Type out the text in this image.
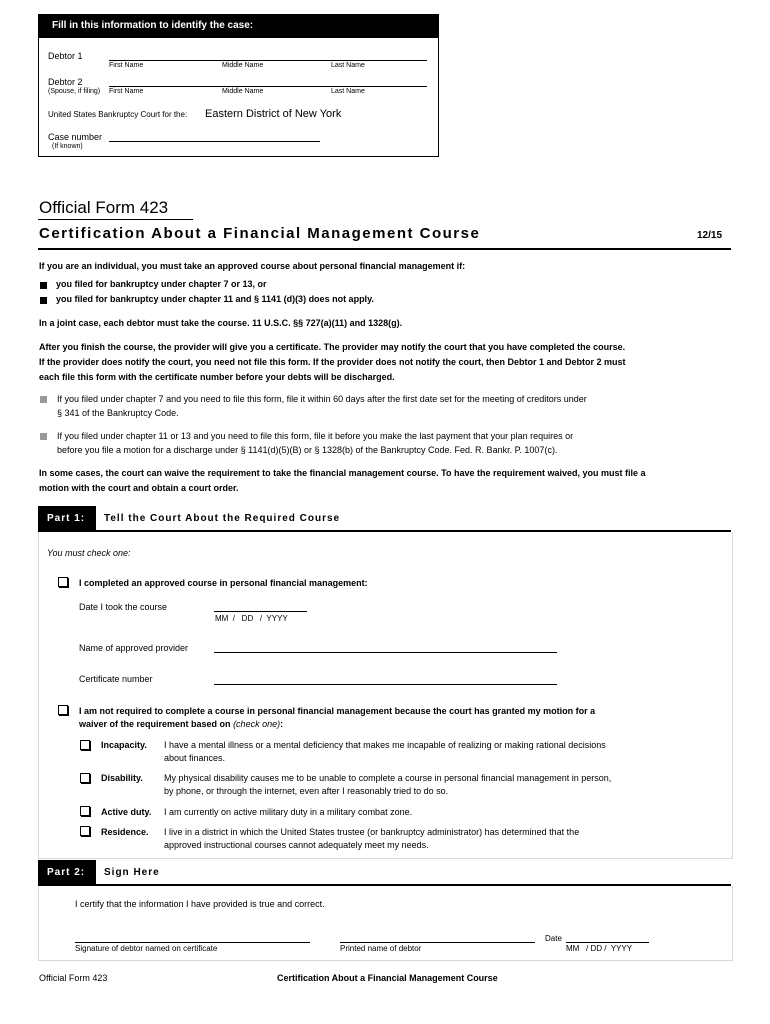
Fill in this information to identify the case:
Debtor 1
First Name	Middle Name	Last Name
Debtor 2
(Spouse, if filing) First Name	Middle Name	Last Name
United States Bankruptcy Court for the: Eastern District of New York
Case number
(If known)
Official Form 423
Certification About a Financial Management Course	12/15
If you are an individual, you must take an approved course about personal financial management if:
you filed for bankruptcy under chapter 7 or 13, or
you filed for bankruptcy under chapter 11 and § 1141 (d)(3) does not apply.
In a joint case, each debtor must take the course. 11 U.S.C. §§ 727(a)(11) and 1328(g).
After you finish the course, the provider will give you a certificate. The provider may notify the court that you have completed the course.
If the provider does notify the court, you need not file this form. If the provider does not notify the court, then Debtor 1 and Debtor 2 must
each file this form with the certificate number before your debts will be discharged.
If you filed under chapter 7 and you need to file this form, file it within 60 days after the first date set for the meeting of creditors under
§ 341 of the Bankruptcy Code.
If you filed under chapter 11 or 13 and you need to file this form, file it before you make the last payment that your plan requires or
before you file a motion for a discharge under § 1141(d)(5)(B) or § 1328(b) of the Bankruptcy Code. Fed. R. Bankr. P. 1007(c).
In some cases, the court can waive the requirement to take the financial management course. To have the requirement waived, you must file a
motion with the court and obtain a court order.
Part 1: Tell the Court About the Required Course
You must check one:
I completed an approved course in personal financial management:
Date I took the course
MM  /   DD   /  YYYY
Name of approved provider
Certificate number
I am not required to complete a course in personal financial management because the court has granted my motion for a
waiver of the requirement based on (check one):
Incapacity. I have a mental illness or a mental deficiency that makes me incapable of realizing or making rational decisions
about finances.
Disability. My physical disability causes me to be unable to complete a course in personal financial management in person,
by phone, or through the internet, even after I reasonably tried to do so.
Active duty. I am currently on active military duty in a military combat zone.
Residence. I live in a district in which the United States trustee (or bankruptcy administrator) has determined that the
approved instructional courses cannot adequately meet my needs.
Part 2: Sign Here
I certify that the information I have provided is true and correct.
Signature of debtor named on certificate	Printed name of debtor
Date
MM   / DD /  YYYY
Official Form 423	Certification About a Financial Management Course
